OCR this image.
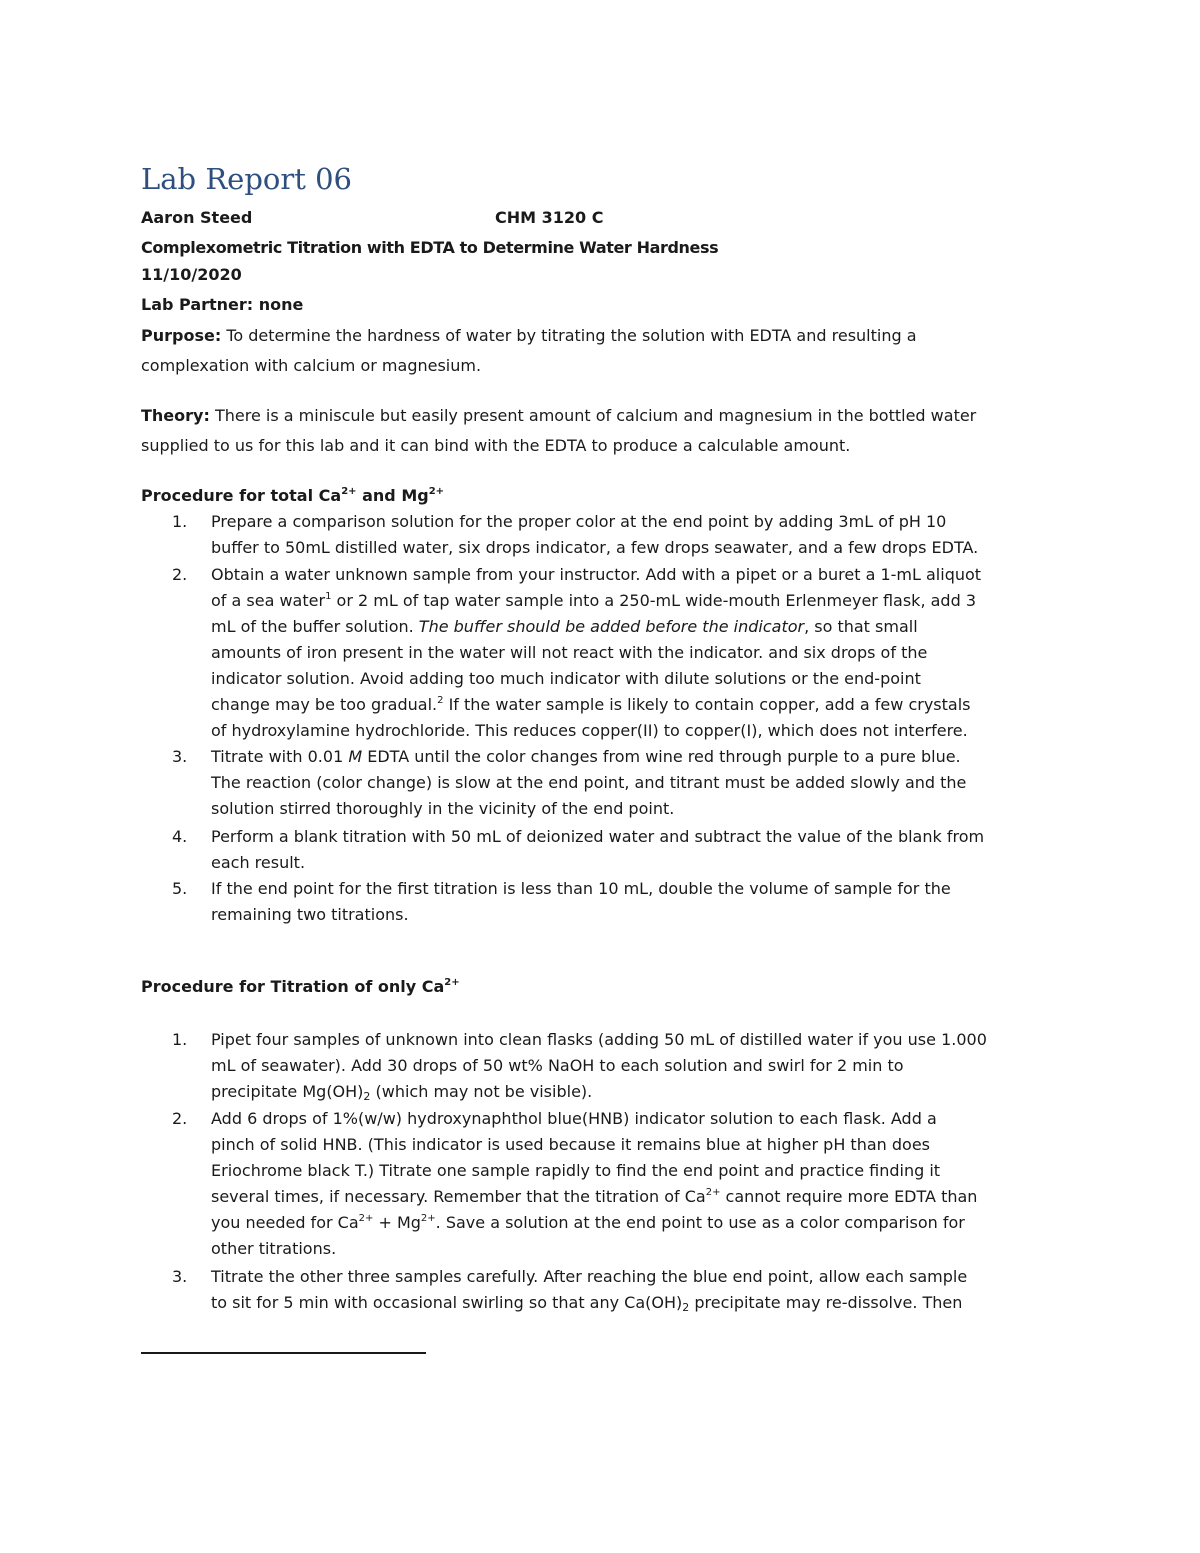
Lab Report 06
Aaron Steed	CHM 3120 C
Complexometric Titration with EDTA to Determine Water Hardness
11/10/2020
Lab Partner: none
Purpose: To determine the hardness of water by titrating the solution with EDTA and resulting a
complexation with calcium or magnesium.
Theory: There is a miniscule but easily present amount of calcium and magnesium in the bottled water
supplied to us for this lab and it can bind with the EDTA to produce a calculable amount.
Procedure for total $Ca^{2+}$ and $Mg^{2+}$
1. Prepare a comparison solution for the proper color at the end point by adding 3mL of pH 10
buffer to 50mL distilled water, six drops indicator, a few drops seawater, and a few drops EDTA.
2. Obtain a water unknown sample from your instructor. Add with a pipet or a buret a 1-mL aliquot
of a sea water$^1$ or 2 mL of tap water sample into a 250-mL wide-mouth Erlenmeyer flask, add 3
mL of the buffer solution. The buffer should be added before the indicator, so that small
amounts of iron present in the water will not react with the indicator. and six drops of the
indicator solution. Avoid adding too much indicator with dilute solutions or the end-point
change may be too gradual.$^2$ If the water sample is likely to contain copper, add a few crystals
of hydroxylamine hydrochloride. This reduces copper(II) to copper(I), which does not interfere.
3. Titrate with 0.01 M EDTA until the color changes from wine red through purple to a pure blue.
The reaction (color change) is slow at the end point, and titrant must be added slowly and the
solution stirred thoroughly in the vicinity of the end point.
4. Perform a blank titration with 50 mL of deionized water and subtract the value of the blank from
each result.
5. If the end point for the first titration is less than 10 mL, double the volume of sample for the
remaining two titrations.
Procedure for Titration of only $Ca^{2+}$
1. Pipet four samples of unknown into clean flasks (adding 50 mL of distilled water if you use 1.000
mL of seawater). Add 30 drops of 50 wt% NaOH to each solution and swirl for 2 min to
precipitate $Mg(OH)_2$ (which may not be visible).
2. Add 6 drops of 1%(w/w) hydroxynaphthol blue(HNB) indicator solution to each flask. Add a
pinch of solid HNB. (This indicator is used because it remains blue at higher pH than does
Eriochrome black T.) Titrate one sample rapidly to find the end point and practice finding it
several times, if necessary. Remember that the titration of $Ca^{2+}$ cannot require more EDTA than
you needed for $Ca^{2+} + Mg^{2+}$. Save a solution at the end point to use as a color comparison for
other titrations.
3. Titrate the other three samples carefully. After reaching the blue end point, allow each sample
to sit for 5 min with occasional swirling so that any $Ca(OH)_2$ precipitate may re-dissolve. Then
